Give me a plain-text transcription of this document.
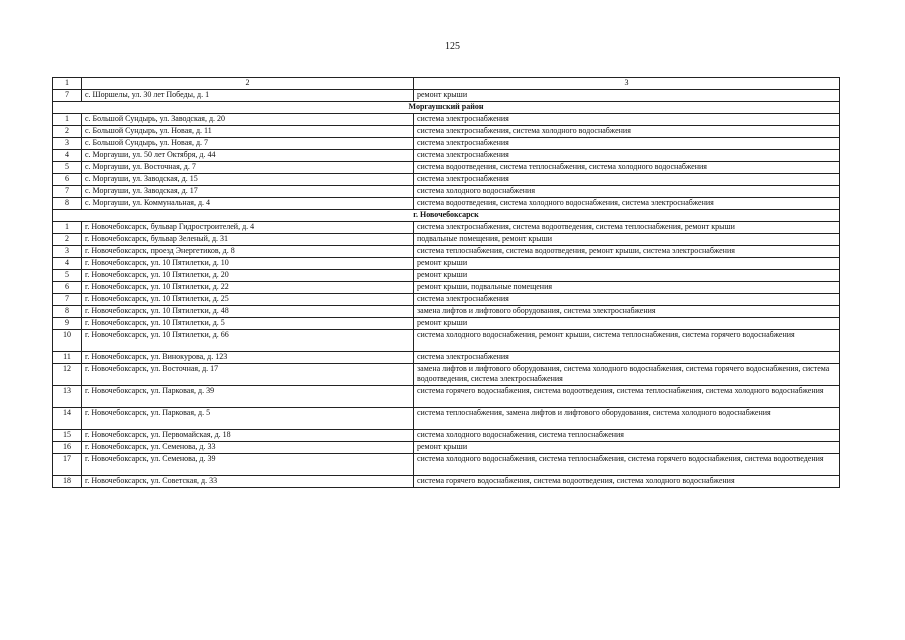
125
1	2	3
7	с. Шоршелы, ул. 30 лет Победы, д. 1	ремонт крыши
Моргаушский район		
1	с. Большой Сундырь, ул. Заводская, д. 20	система электроснабжения
2	с. Большой Сундырь, ул. Новая, д. 11	система электроснабжения, система холодного водоснабжения
3	с. Большой Сундырь, ул. Новая, д. 7	система электроснабжения
4	с. Моргауши, ул. 50 лет Октября, д. 44	система электроснабжения
5	с. Моргауши, ул. Восточная, д. 7	система водоотведения, система теплоснабжения, система холодного водоснабжения
6	с. Моргауши, ул. Заводская, д. 15	система электроснабжения
7	с. Моргауши, ул. Заводская, д. 17	система холодного водоснабжения
8	с. Моргауши, ул. Коммунальная, д. 4	система водоотведения, система холодного водоснабжения, система электроснабжения
г. Новочебоксарск		
1	г. Новочебоксарск, бульвар Гидростроителей, д. 4	система электроснабжения, система водоотведения, система теплоснабжения, ремонт крыши
2	г. Новочебоксарск, бульвар Зеленый, д. 31	подвальные помещения, ремонт крыши
3	г. Новочебоксарск, проезд Энергетиков, д. 8	система теплоснабжения, система водоотведения, ремонт крыши, система электроснабжения
4	г. Новочебоксарск, ул. 10 Пятилетки, д. 10	ремонт крыши
5	г. Новочебоксарск, ул. 10 Пятилетки, д. 20	ремонт крыши
6	г. Новочебоксарск, ул. 10 Пятилетки, д. 22	ремонт крыши, подвальные помещения
7	г. Новочебоксарск, ул. 10 Пятилетки, д. 25	система электроснабжения
8	г. Новочебоксарск, ул. 10 Пятилетки, д. 48	замена лифтов и лифтового оборудования, система электроснабжения
9	г. Новочебоксарск, ул. 10 Пятилетки, д. 5	ремонт крыши
10	г. Новочебоксарск, ул. 10 Пятилетки, д. 66	система холодного водоснабжения, ремонт крыши, система теплоснабжения, система горячего водоснабжения
11	г. Новочебоксарск, ул. Винокурова, д. 123	система электроснабжения
12	г. Новочебоксарск, ул. Восточная, д. 17	замена лифтов и лифтового оборудования, система холодного водоснабжения, система горячего водоснабжения, система водоотведения, система электроснабжения
13	г. Новочебоксарск, ул. Парковая, д. 39	система горячего водоснабжения, система водоотведения, система теплоснабжения, система холодного водоснабжения
14	г. Новочебоксарск, ул. Парковая, д. 5	система теплоснабжения, замена лифтов и лифтового оборудования, система холодного водоснабжения
15	г. Новочебоксарск, ул. Первомайская, д. 18	система холодного водоснабжения, система теплоснабжения
16	г. Новочебоксарск, ул. Семенова, д. 33	ремонт крыши
17	г. Новочебоксарск, ул. Семенова, д. 39	система холодного водоснабжения, система теплоснабжения, система горячего водоснабжения, система водоотведения
18	г. Новочебоксарск, ул. Советская, д. 33	система горячего водоснабжения, система водоотведения, система холодного водоснабжения
